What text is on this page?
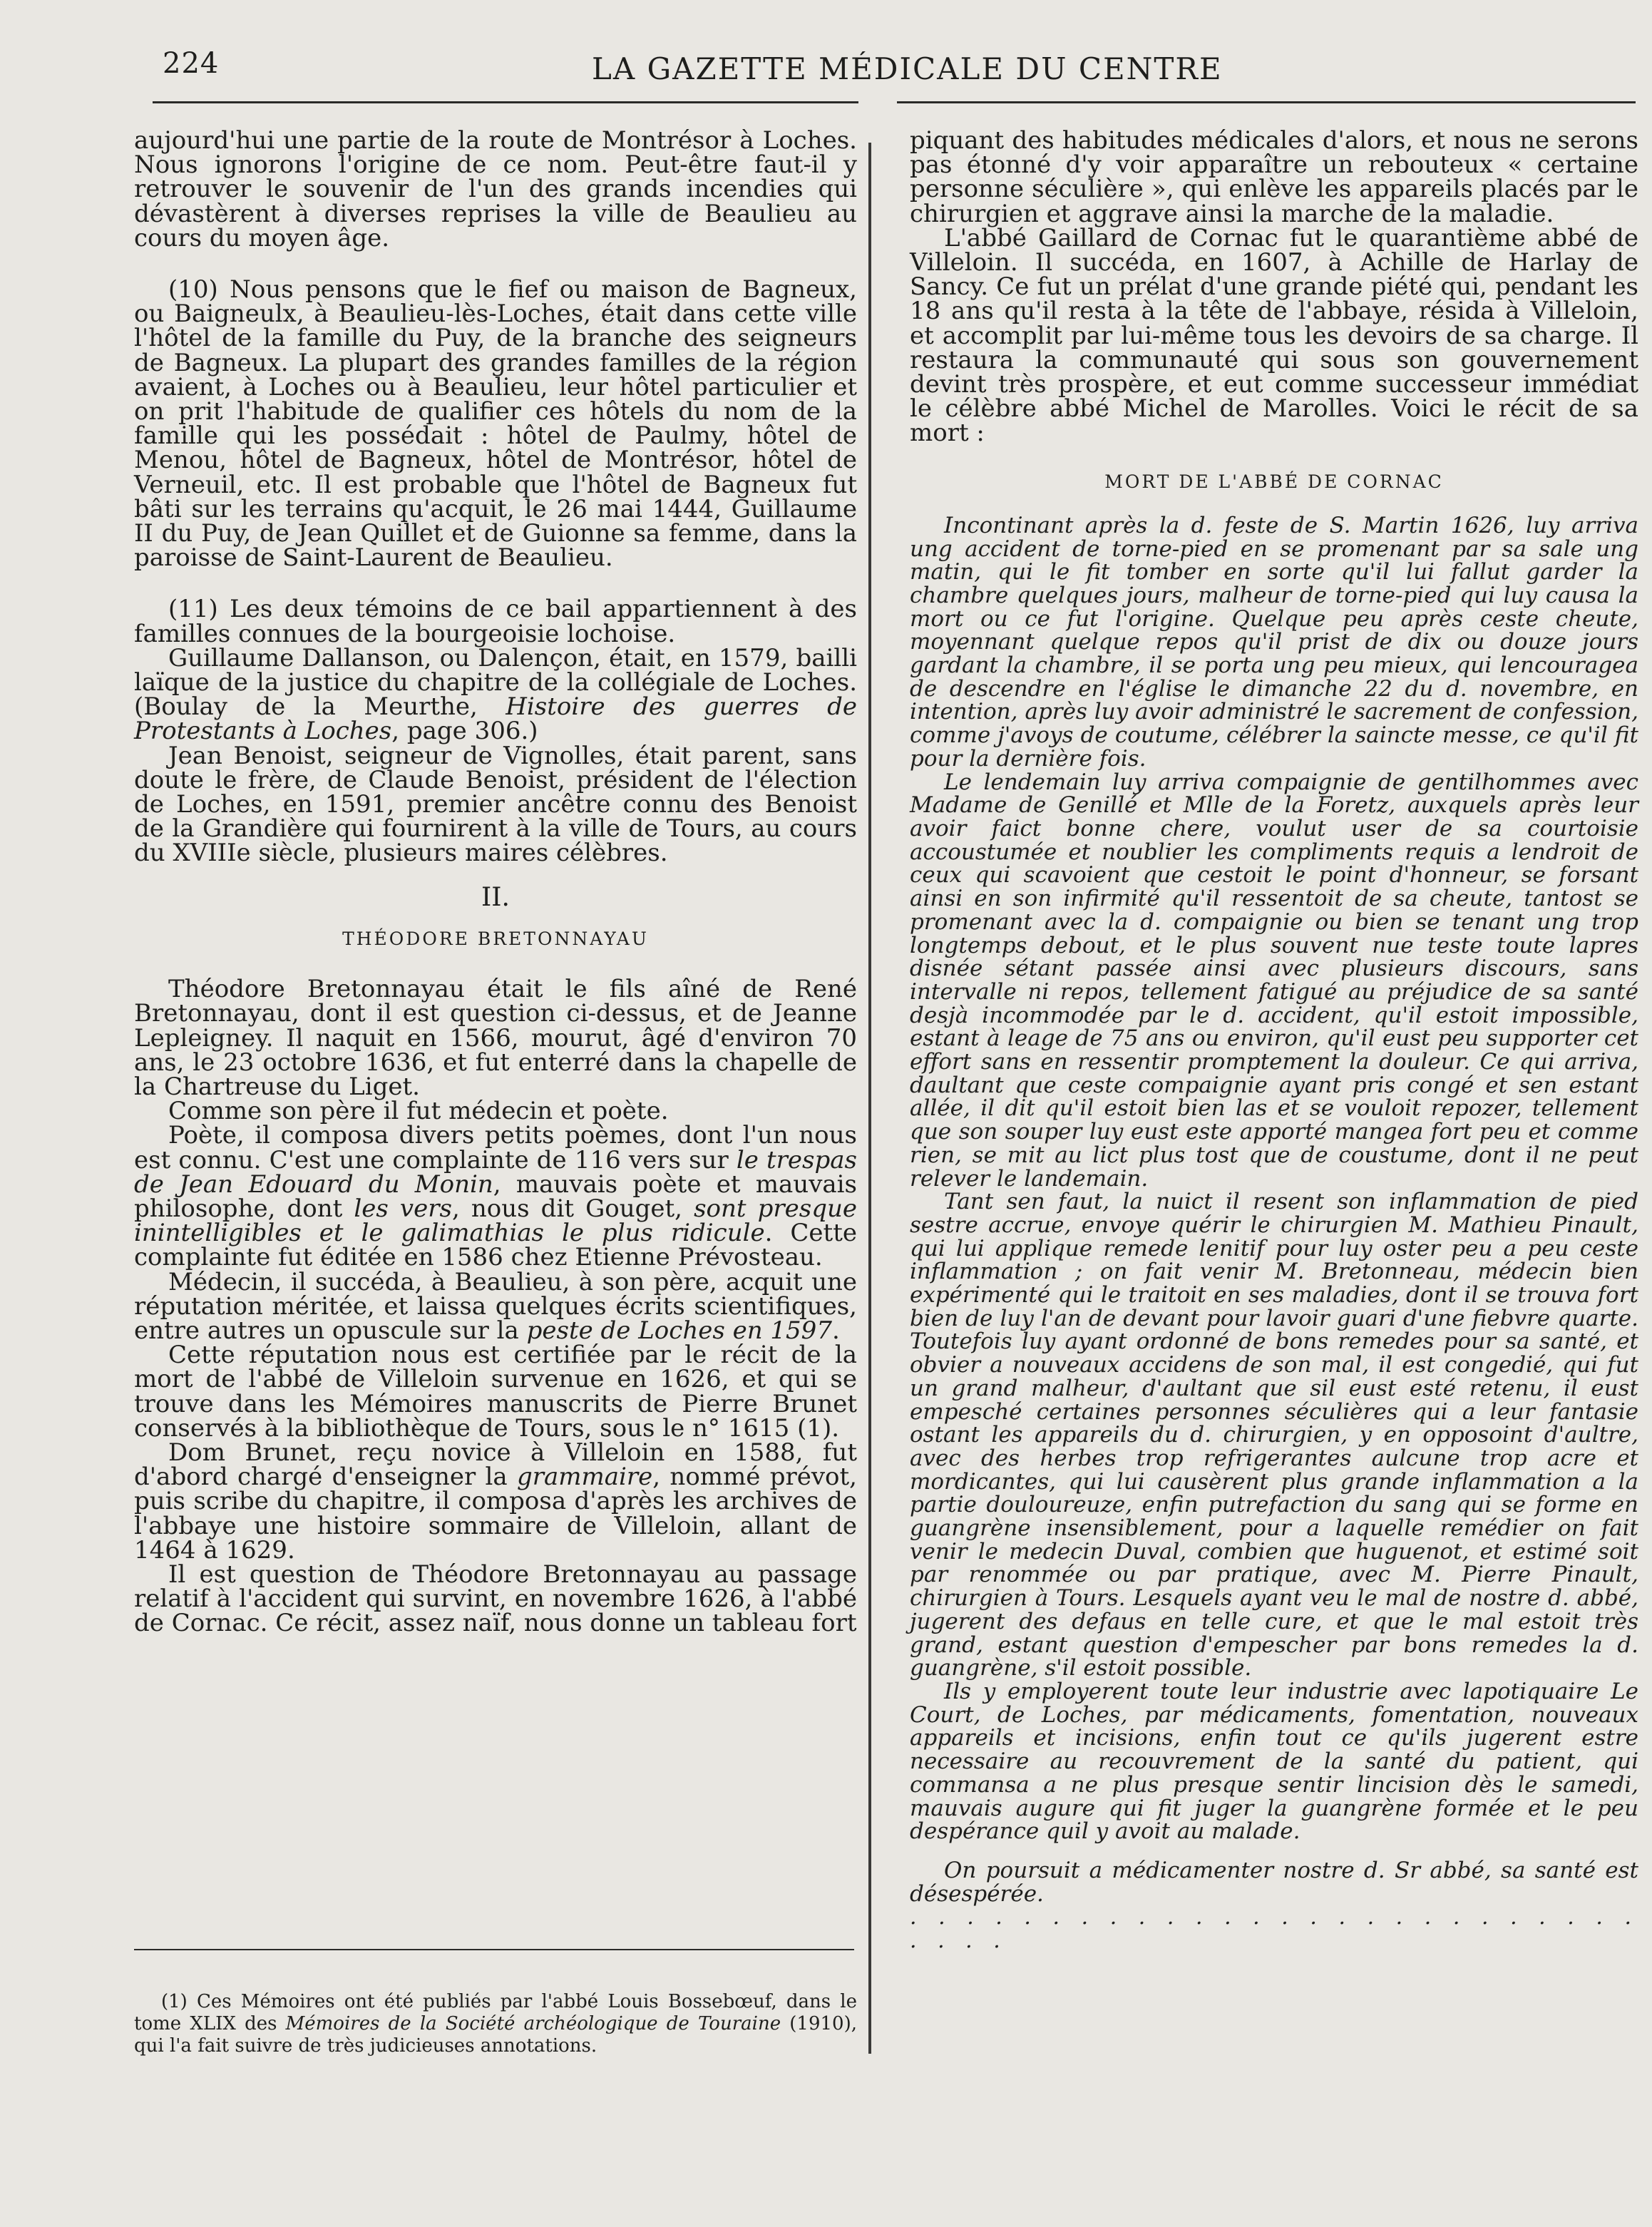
224	LA GAZETTE MÉDICALE DU CENTRE

aujourd'hui une partie de la route de Montrésor à Loches. Nous ignorons l'origine de ce nom. Peut-être faut-il y retrouver le souvenir de l'un des grands incendies qui dévastèrent à diverses reprises la ville de Beaulieu au cours du moyen âge.

(10) Nous pensons que le fief ou maison de Bagneux, ou Baigneulx, à Beaulieu-lès-Loches, était dans cette ville l'hôtel de la famille du Puy, de la branche des seigneurs de Bagneux. La plupart des grandes familles de la région avaient, à Loches ou à Beaulieu, leur hôtel particulier et on prit l'habitude de qualifier ces hôtels du nom de la famille qui les possédait : hôtel de Paulmy, hôtel de Menou, hôtel de Bagneux, hôtel de Montrésor, hôtel de Verneuil, etc. Il est probable que l'hôtel de Bagneux fut bâti sur les terrains qu'acquit, le 26 mai 1444, Guillaume II du Puy, de Jean Quillet et de Guionne sa femme, dans la paroisse de Saint-Laurent de Beaulieu.

(11) Les deux témoins de ce bail appartiennent à des familles connues de la bourgeoisie lochoise.

Guillaume Dallanson, ou Dalençon, était, en 1579, bailli laïque de la justice du chapitre de la collégiale de Loches. (Boulay de la Meurthe, Histoire des guerres de Protestants à Loches, page 306.)

Jean Benoist, seigneur de Vignolles, était parent, sans doute le frère, de Claude Benoist, président de l'élection de Loches, en 1591, premier ancêtre connu des Benoist de la Grandière qui fournirent à la ville de Tours, au cours du XVIIIe siècle, plusieurs maires célèbres.

II.
THÉODORE BRETONNAYAU

Théodore Bretonnayau était le fils aîné de René Bretonnayau, dont il est question ci-dessus, et de Jeanne Lepleigney. Il naquit en 1566, mourut, âgé d'environ 70 ans, le 23 octobre 1636, et fut enterré dans la chapelle de la Chartreuse du Liget.

Comme son père il fut médecin et poète.

Poète, il composa divers petits poèmes, dont l'un nous est connu. C'est une complainte de 116 vers sur le trespas de Jean Edouard du Monin, mauvais poète et mauvais philosophe, dont les vers, nous dit Gouget, sont presque inintelligibles et le galimathias le plus ridicule. Cette complainte fut éditée en 1586 chez Etienne Prévosteau.

Médecin, il succéda, à Beaulieu, à son père, acquit une réputation méritée, et laissa quelques écrits scientifiques, entre autres un opuscule sur la peste de Loches en 1597.

Cette réputation nous est certifiée par le récit de la mort de l'abbé de Villeloin survenue en 1626, et qui se trouve dans les Mémoires manuscrits de Pierre Brunet conservés à la bibliothèque de Tours, sous le n° 1615 (1).

Dom Brunet, reçu novice à Villeloin en 1588, fut d'abord chargé d'enseigner la grammaire, nommé prévot, puis scribe du chapitre, il composa d'après les archives de l'abbaye une histoire sommaire de Villeloin, allant de 1464 à 1629.

Il est question de Théodore Bretonnayau au passage relatif à l'accident qui survint, en novembre 1626, à l'abbé de Cornac. Ce récit, assez naïf, nous donne un tableau fort

(1) Ces Mémoires ont été publiés par l'abbé Louis Bossebœuf, dans le tome XLIX des Mémoires de la Société archéologique de Touraine (1910), qui l'a fait suivre de très judicieuses annotations.

piquant des habitudes médicales d'alors, et nous ne serons pas étonné d'y voir apparaître un rebouteux « certaine personne séculière », qui enlève les appareils placés par le chirurgien et aggrave ainsi la marche de la maladie.

L'abbé Gaillard de Cornac fut le quarantième abbé de Villeloin. Il succéda, en 1607, à Achille de Harlay de Sancy. Ce fut un prélat d'une grande piété qui, pendant les 18 ans qu'il resta à la tête de l'abbaye, résida à Villeloin, et accomplit par lui-même tous les devoirs de sa charge. Il restaura la communauté qui sous son gouvernement devint très prospère, et eut comme successeur immédiat le célèbre abbé Michel de Marolles. Voici le récit de sa mort :

MORT DE L'ABBÉ DE CORNAC

Incontinant après la d. feste de S. Martin 1626, luy arriva ung accident de torne-pied en se promenant par sa sale ung matin, qui le fit tomber en sorte qu'il lui fallut garder la chambre quelques jours, malheur de torne-pied qui luy causa la mort ou ce fut l'origine. Quelque peu après ceste cheute, moyennant quelque repos qu'il prist de dix ou douze jours gardant la chambre, il se porta ung peu mieux, qui lencouragea de descendre en l'église le dimanche 22 du d. novembre, en intention, après luy avoir administré le sacrement de confession, comme j'avoys de coutume, célébrer la saincte messe, ce qu'il fit pour la dernière fois.

Le lendemain luy arriva compaignie de gentilhommes avec Madame de Genillé et Mlle de la Foretz, auxquels après leur avoir faict bonne chere, voulut user de sa courtoisie accoustumée et noublier les compliments requis a lendroit de ceux qui scavoient que cestoit le point d'honneur, se forsant ainsi en son infirmité qu'il ressentoit de sa cheute, tantost se promenant avec la d. compaignie ou bien se tenant ung trop longtemps debout, et le plus souvent nue teste toute lapres disnée sétant passée ainsi avec plusieurs discours, sans intervalle ni repos, tellement fatigué au préjudice de sa santé desjà incommodée par le d. accident, qu'il estoit impossible, estant à leage de 75 ans ou environ, qu'il eust peu supporter cet effort sans en ressentir promptement la douleur. Ce qui arriva, daultant que ceste compaignie ayant pris congé et sen estant allée, il dit qu'il estoit bien las et se vouloit repozer, tellement que son souper luy eust este apporté mangea fort peu et comme rien, se mit au lict plus tost que de coustume, dont il ne peut relever le landemain.

Tant sen faut, la nuict il resent son inflammation de pied sestre accrue, envoye quérir le chirurgien M. Mathieu Pinault, qui lui applique remede lenitif pour luy oster peu a peu ceste inflammation ; on fait venir M. Bretonneau, médecin bien expérimenté qui le traitoit en ses maladies, dont il se trouva fort bien de luy l'an de devant pour lavoir guari d'une fiebvre quarte. Toutefois luy ayant ordonné de bons remedes pour sa santé, et obvier a nouveaux accidens de son mal, il est congedié, qui fut un grand malheur, d'aultant que sil eust esté retenu, il eust empesché certaines personnes séculières qui a leur fantasie ostant les appareils du d. chirurgien, y en opposoint d'aultre, avec des herbes trop refrigerantes aulcune trop acre et mordicantes, qui lui causèrent plus grande inflammation a la partie douloureuze, enfin putrefaction du sang qui se forme en guangrène insensiblement, pour a laquelle remédier on fait venir le medecin Duval, combien que huguenot, et estimé soit par renommée ou par pratique, avec M. Pierre Pinault, chirurgien à Tours. Lesquels ayant veu le mal de nostre d. abbé, jugerent des defaus en telle cure, et que le mal estoit très grand, estant question d'empescher par bons remedes la d. guangrène, s'il estoit possible.

Ils y employerent toute leur industrie avec lapotiquaire Le Court, de Loches, par médicaments, fomentation, nouveaux appareils et incisions, enfin tout ce qu'ils jugerent estre necessaire au recouvrement de la santé du patient, qui commansa a ne plus presque sentir lincision dès le samedi, mauvais augure qui fit juger la guangrène formée et le peu despérance quil y avoit au malade.

On poursuit a médicamenter nostre d. Sr abbé, sa santé est désespérée.

· · · · · · · · · · · · · · · · · · · · · · · · · · · · · ·
